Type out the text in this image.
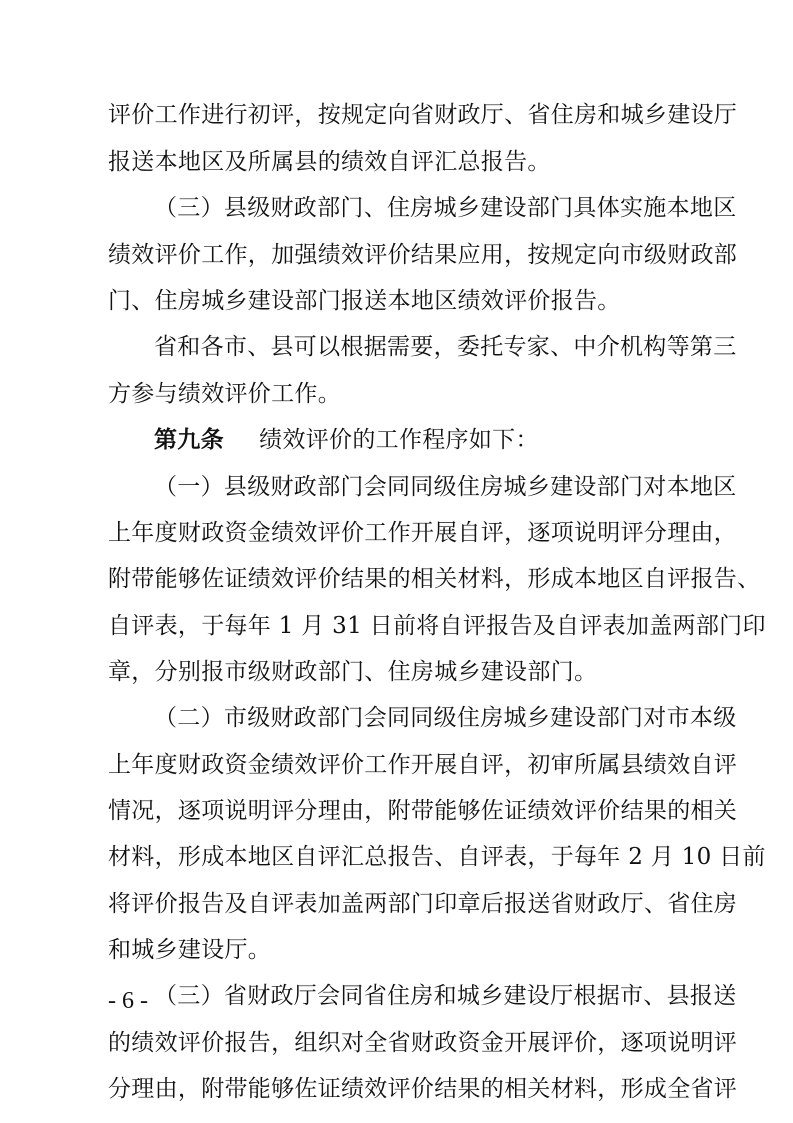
评价工作进行初评，按规定向省财政厅、省住房和城乡建设厅
报送本地区及所属县的绩效自评汇总报告。
（三）县级财政部门、住房城乡建设部门具体实施本地区
绩效评价工作，加强绩效评价结果应用，按规定向市级财政部
门、住房城乡建设部门报送本地区绩效评价报告。
省和各市、县可以根据需要，委托专家、中介机构等第三
方参与绩效评价工作。
第九条 绩效评价的工作程序如下：
（一）县级财政部门会同同级住房城乡建设部门对本地区
上年度财政资金绩效评价工作开展自评，逐项说明评分理由，
附带能够佐证绩效评价结果的相关材料，形成本地区自评报告、
自评表，于每年 1 月 31 日前将自评报告及自评表加盖两部门印
章，分别报市级财政部门、住房城乡建设部门。
（二）市级财政部门会同同级住房城乡建设部门对市本级
上年度财政资金绩效评价工作开展自评，初审所属县绩效自评
情况，逐项说明评分理由，附带能够佐证绩效评价结果的相关
材料，形成本地区自评汇总报告、自评表，于每年 2 月 10 日前
将评价报告及自评表加盖两部门印章后报送省财政厅、省住房
和城乡建设厅。
（三）省财政厅会同省住房和城乡建设厅根据市、县报送
的绩效评价报告，组织对全省财政资金开展评价，逐项说明评
分理由，附带能够佐证绩效评价结果的相关材料，形成全省评
- 6 -
